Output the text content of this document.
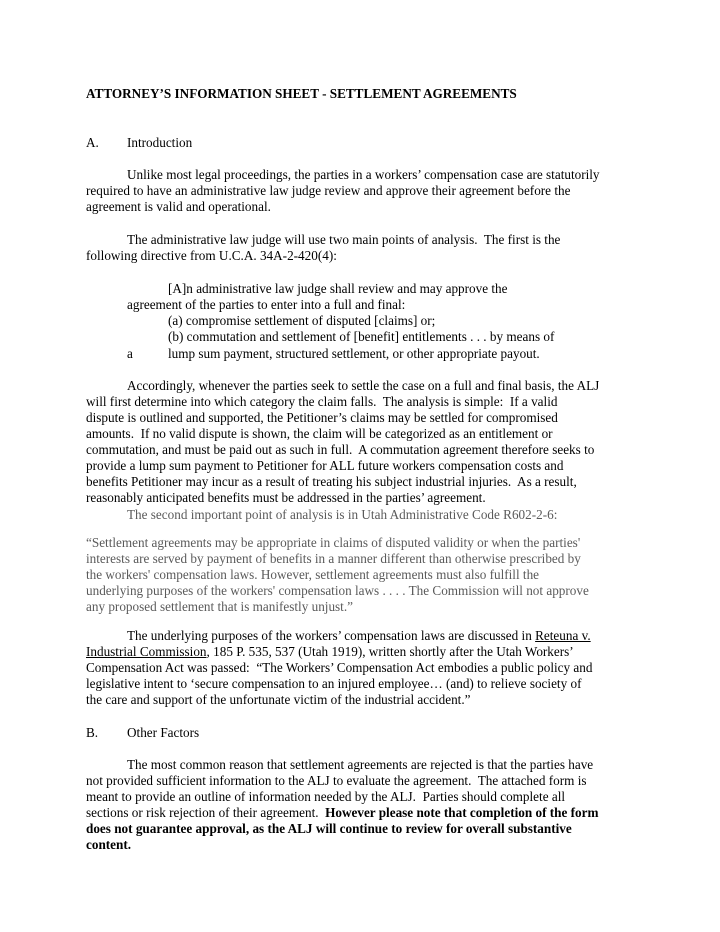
ATTORNEY’S INFORMATION SHEET - SETTLEMENT AGREEMENTS
A. Introduction
Unlike most legal proceedings, the parties in a workers’ compensation case are statutorily
required to have an administrative law judge review and approve their agreement before the
agreement is valid and operational.
The administrative law judge will use two main points of analysis.  The first is the
following directive from U.C.A. 34A-2-420(4):
[A]n administrative law judge shall review and may approve the
agreement of the parties to enter into a full and final:
(a) compromise settlement of disputed [claims] or;
(b) commutation and settlement of [benefit] entitlements . . . by means of
a	lump sum payment, structured settlement, or other appropriate payout.
Accordingly, whenever the parties seek to settle the case on a full and final basis, the ALJ
will first determine into which category the claim falls.  The analysis is simple:  If a valid
dispute is outlined and supported, the Petitioner’s claims may be settled for compromised
amounts.  If no valid dispute is shown, the claim will be categorized as an entitlement or
commutation, and must be paid out as such in full.  A commutation agreement therefore seeks to
provide a lump sum payment to Petitioner for ALL future workers compensation costs and
benefits Petitioner may incur as a result of treating his subject industrial injuries.  As a result,
reasonably anticipated benefits must be addressed in the parties’ agreement.
The second important point of analysis is in Utah Administrative Code R602-2-6:
“Settlement agreements may be appropriate in claims of disputed validity or when the parties'
interests are served by payment of benefits in a manner different than otherwise prescribed by
the workers' compensation laws. However, settlement agreements must also fulfill the
underlying purposes of the workers' compensation laws . . . . The Commission will not approve
any proposed settlement that is manifestly unjust.”
The underlying purposes of the workers’ compensation laws are discussed in Reteuna v.
Industrial Commission, 185 P. 535, 537 (Utah 1919), written shortly after the Utah Workers’
Compensation Act was passed:  “The Workers’ Compensation Act embodies a public policy and
legislative intent to ‘secure compensation to an injured employee… (and) to relieve society of
the care and support of the unfortunate victim of the industrial accident.”
B. Other Factors
The most common reason that settlement agreements are rejected is that the parties have
not provided sufficient information to the ALJ to evaluate the agreement.  The attached form is
meant to provide an outline of information needed by the ALJ.  Parties should complete all
sections or risk rejection of their agreement.  However please note that completion of the form
does not guarantee approval, as the ALJ will continue to review for overall substantive
content.
